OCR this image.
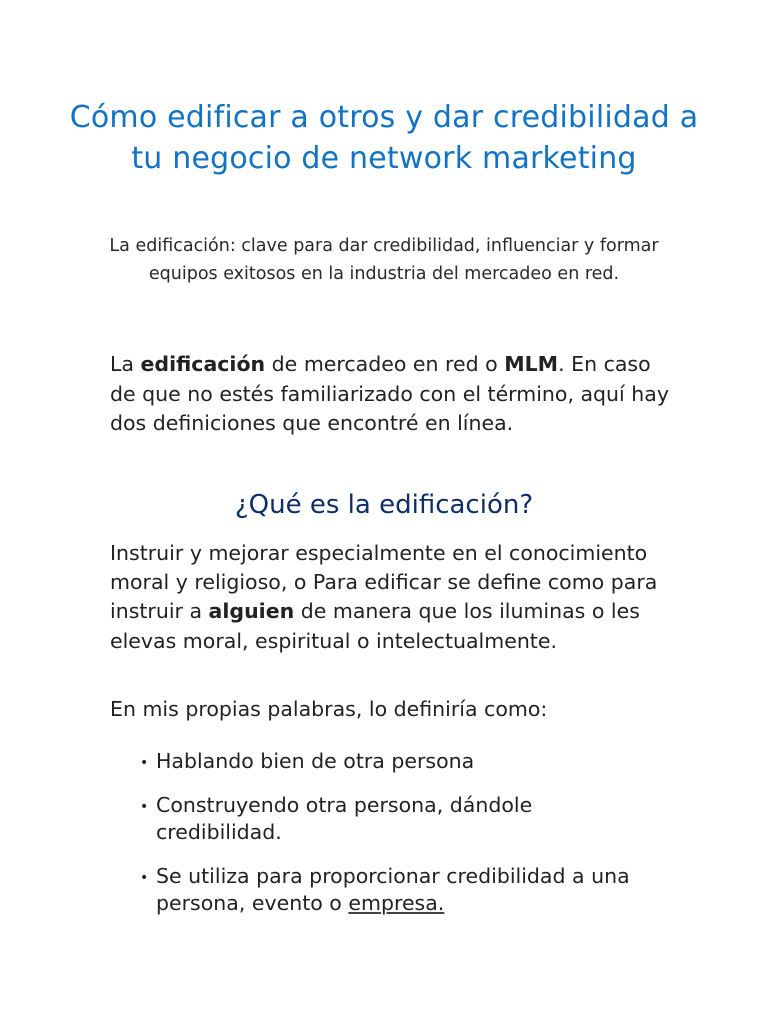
Cómo edificar a otros y dar credibilidad a tu negocio de network marketing

La edificación: clave para dar credibilidad, influenciar y formar equipos exitosos en la industria del mercadeo en red.

La edificación de mercadeo en red o MLM. En caso de que no estés familiarizado con el término, aquí hay dos definiciones que encontré en línea.

¿Qué es la edificación?

Instruir y mejorar especialmente en el conocimiento moral y religioso, o Para edificar se define como para instruir a alguien de manera que los iluminas o les elevas moral, espiritual o intelectualmente.

En mis propias palabras, lo definiría como:

• Hablando bien de otra persona
• Construyendo otra persona, dándole credibilidad.
• Se utiliza para proporcionar credibilidad a una persona, evento o empresa.
